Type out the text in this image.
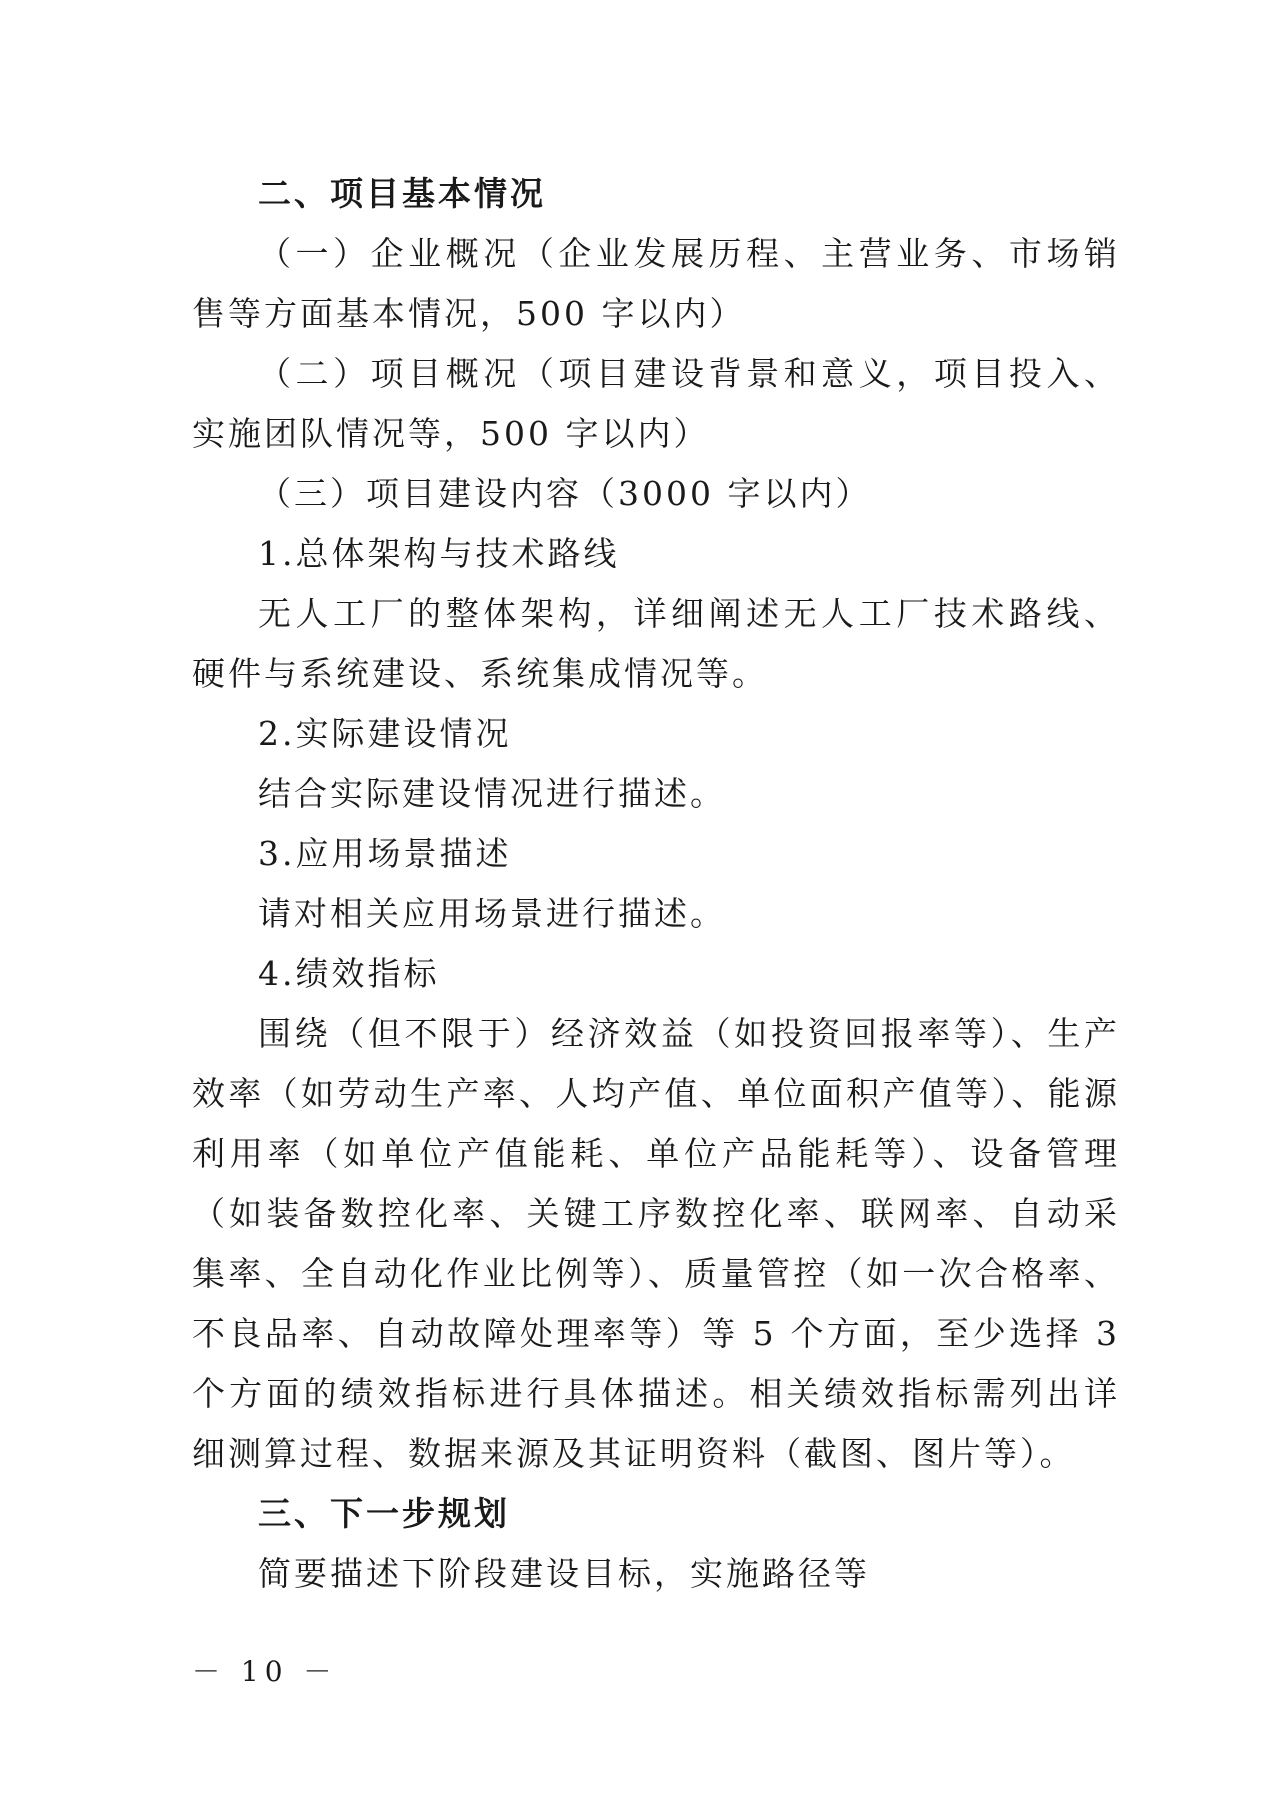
二、项目基本情况

（一）企业概况（企业发展历程、主营业务、市场销售等方面基本情况，500 字以内）

（二）项目概况（项目建设背景和意义，项目投入、实施团队情况等，500 字以内）

（三）项目建设内容（3000 字以内）

1.总体架构与技术路线

无人工厂的整体架构，详细阐述无人工厂技术路线、硬件与系统建设、系统集成情况等。

2.实际建设情况

结合实际建设情况进行描述。

3.应用场景描述

请对相关应用场景进行描述。

4.绩效指标

围绕（但不限于）经济效益（如投资回报率等）、生产效率（如劳动生产率、人均产值、单位面积产值等）、能源利用率（如单位产值能耗、单位产品能耗等）、设备管理（如装备数控化率、关键工序数控化率、联网率、自动采集率、全自动化作业比例等）、质量管控（如一次合格率、不良品率、自动故障处理率等）等 5 个方面，至少选择 3 个方面的绩效指标进行具体描述。相关绩效指标需列出详细测算过程、数据来源及其证明资料（截图、图片等）。

三、下一步规划

简要描述下阶段建设目标，实施路径等

－ 10 －
